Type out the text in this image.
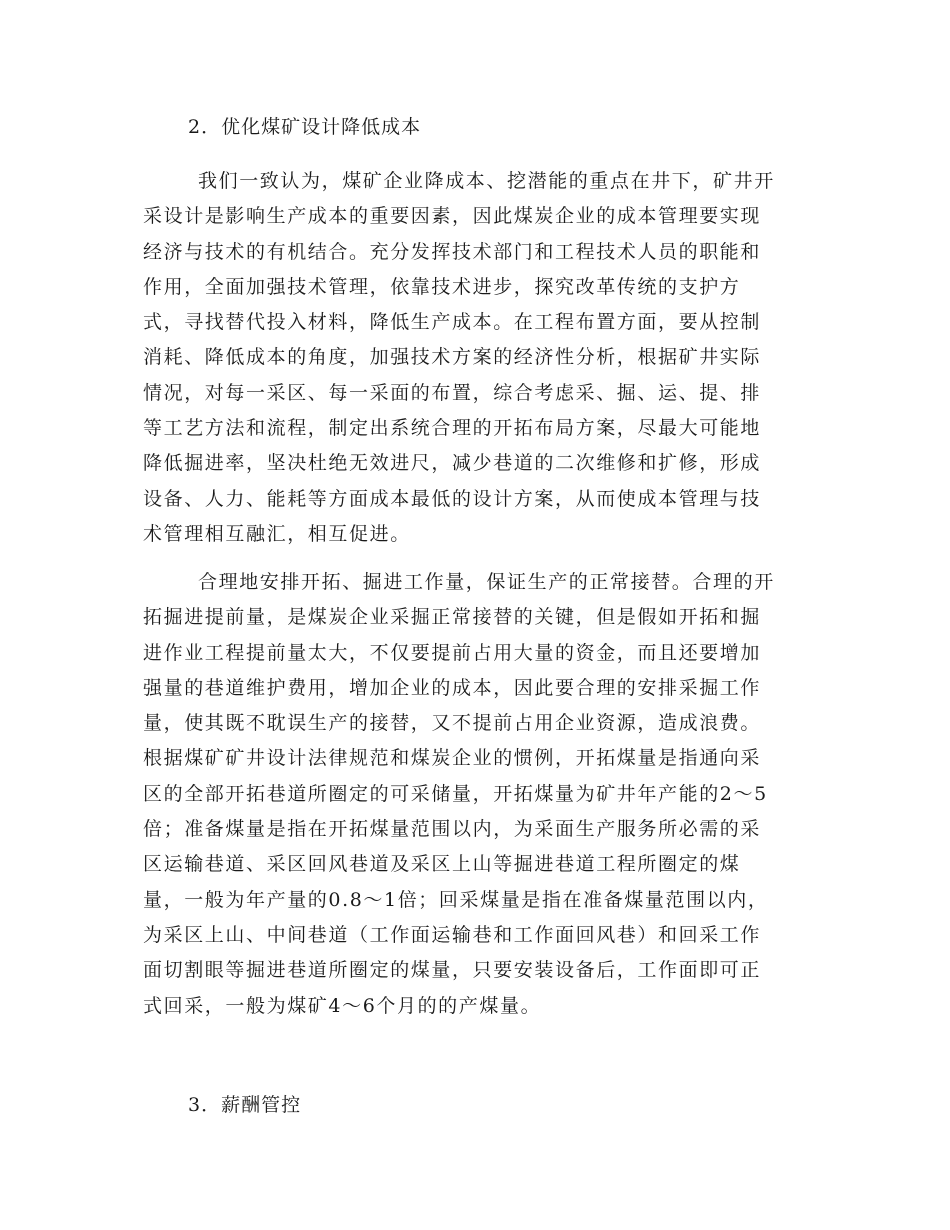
2．优化煤矿设计降低成本
我们一致认为，煤矿企业降成本、挖潜能的重点在井下，矿井开
采设计是影响生产成本的重要因素，因此煤炭企业的成本管理要实现
经济与技术的有机结合。充分发挥技术部门和工程技术人员的职能和
作用，全面加强技术管理，依靠技术进步，探究改革传统的支护方
式，寻找替代投入材料，降低生产成本。在工程布置方面，要从控制
消耗、降低成本的角度，加强技术方案的经济性分析，根据矿井实际
情况，对每一采区、每一采面的布置，综合考虑采、掘、运、提、排
等工艺方法和流程，制定出系统合理的开拓布局方案，尽最大可能地
降低掘进率，坚决杜绝无效进尺，减少巷道的二次维修和扩修，形成
设备、人力、能耗等方面成本最低的设计方案，从而使成本管理与技
术管理相互融汇，相互促进。
合理地安排开拓、掘进工作量，保证生产的正常接替。合理的开
拓掘进提前量，是煤炭企业采掘正常接替的关键，但是假如开拓和掘
进作业工程提前量太大，不仅要提前占用大量的资金，而且还要增加
强量的巷道维护费用，增加企业的成本，因此要合理的安排采掘工作
量，使其既不耽误生产的接替，又不提前占用企业资源，造成浪费。
根据煤矿矿井设计法律规范和煤炭企业的惯例，开拓煤量是指通向采
区的全部开拓巷道所圈定的可采储量，开拓煤量为矿井年产能的2～5
倍；准备煤量是指在开拓煤量范围以内，为采面生产服务所必需的采
区运输巷道、采区回风巷道及采区上山等掘进巷道工程所圈定的煤
量，一般为年产量的0.8～1倍；回采煤量是指在准备煤量范围以内，
为采区上山、中间巷道（工作面运输巷和工作面回风巷）和回采工作
面切割眼等掘进巷道所圈定的煤量，只要安装设备后，工作面即可正
式回采，一般为煤矿4～6个月的的产煤量。
3．薪酬管控
